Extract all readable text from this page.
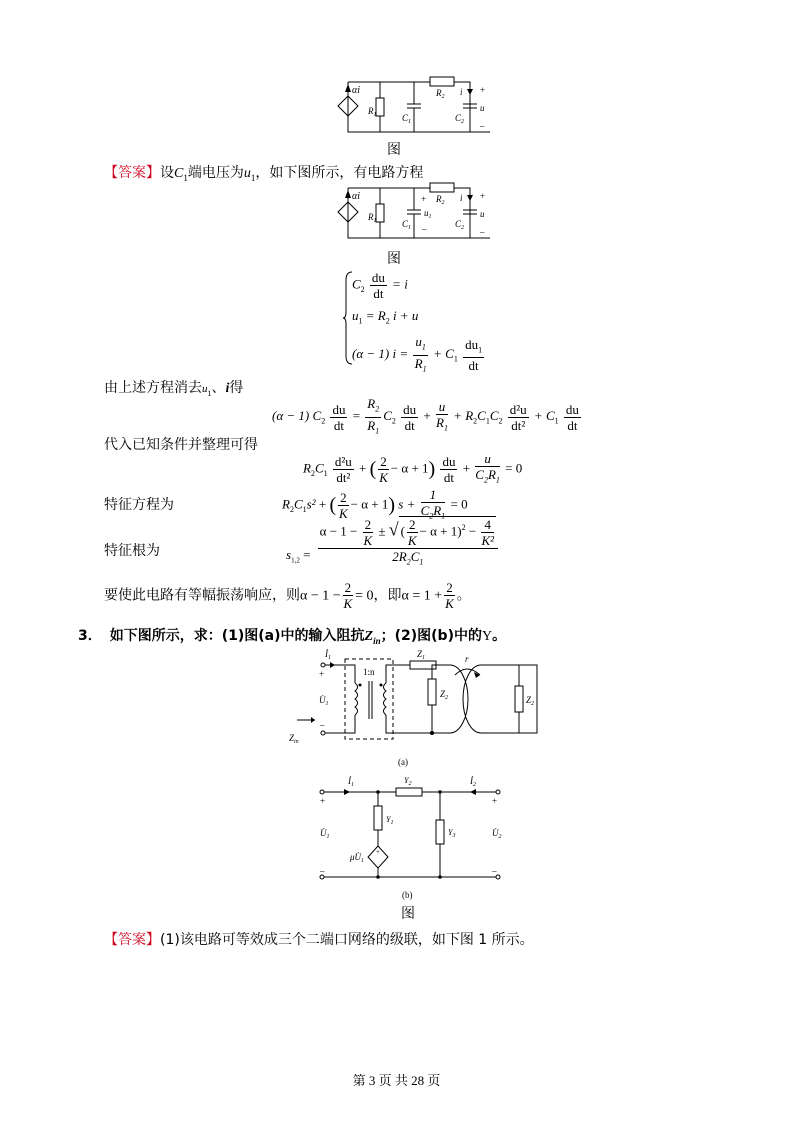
αi
$R_1$	$C_1$
$R_2$ i
$C_2$
+
u
–
图
【答案】设$C_1$端电压为$u_1$，如下图所示，有电路方程
αi
$R_1$	$C_1$
+
$u_1$
–
$R_2$ i
$C_2$
+
u
–
图
$C_2 \frac{du}{dt} = i$
$u_1 = R_2$ i + u
(α − 1) $i = \frac{u_1}{R_1} + C_1 \frac{du_1}{dt}$
由上述方程消去$u_1$、i得
(α − 1) $C_2 \frac{du}{dt} = \frac{R_2}{R_1} C_2 \frac{du}{dt} + \frac{u}{R_1} + R_2C_1C_2 \frac{\text{d²u}}{\text{dt²}} + C_1 \frac{du}{dt}$
代入已知条件并整理可得
$R_2C_1 \frac{\text{d²u}}{\text{dt²}}$ + ( $\frac{2}{K} - \alpha + 1) \frac{du}{dt} + \frac{u}{C_2R_1} = 0$
特征方程为	$R_2C_1s^2$ + ( $\frac{2}{K} - \alpha + 1$) $s + \frac{1}{C_2R_1} = 0$
特征根为	$s_{1,2}$ =
$\frac{\alpha - 1 - \frac{2}{K} \pm √ ( \frac{2}{K} - \alpha + 1)^2 - \frac{4}{\text{K²}}}{2R_2C_1}$
要使此电路有等幅振荡响应，则$\alpha - 1 - \frac{2}{K} = 0$，即$\alpha = 1 + \frac{2}{K}$ 。
3． 如下图所示，求：(1)图(a)中的输入阻抗$Z_{in}$；(2)图(b)中的Y。
$İ_1$
+
$U̇_1$
–
$Z_{in}$
1:n
$Z_1$
$Z_2$
r
$Z_2$
(a)
$İ_1$	$İ_2$
$Y_2$
$Y_1$
$Y_3$
+	+
$U̇_1$	$U̇_2$
$\mu U̇_1$
+
–	–
(b)
图
【答案】(1)该电路可等效成三个二端口网络的级联，如下图 1 所示。
第 3 页 共 28 页
